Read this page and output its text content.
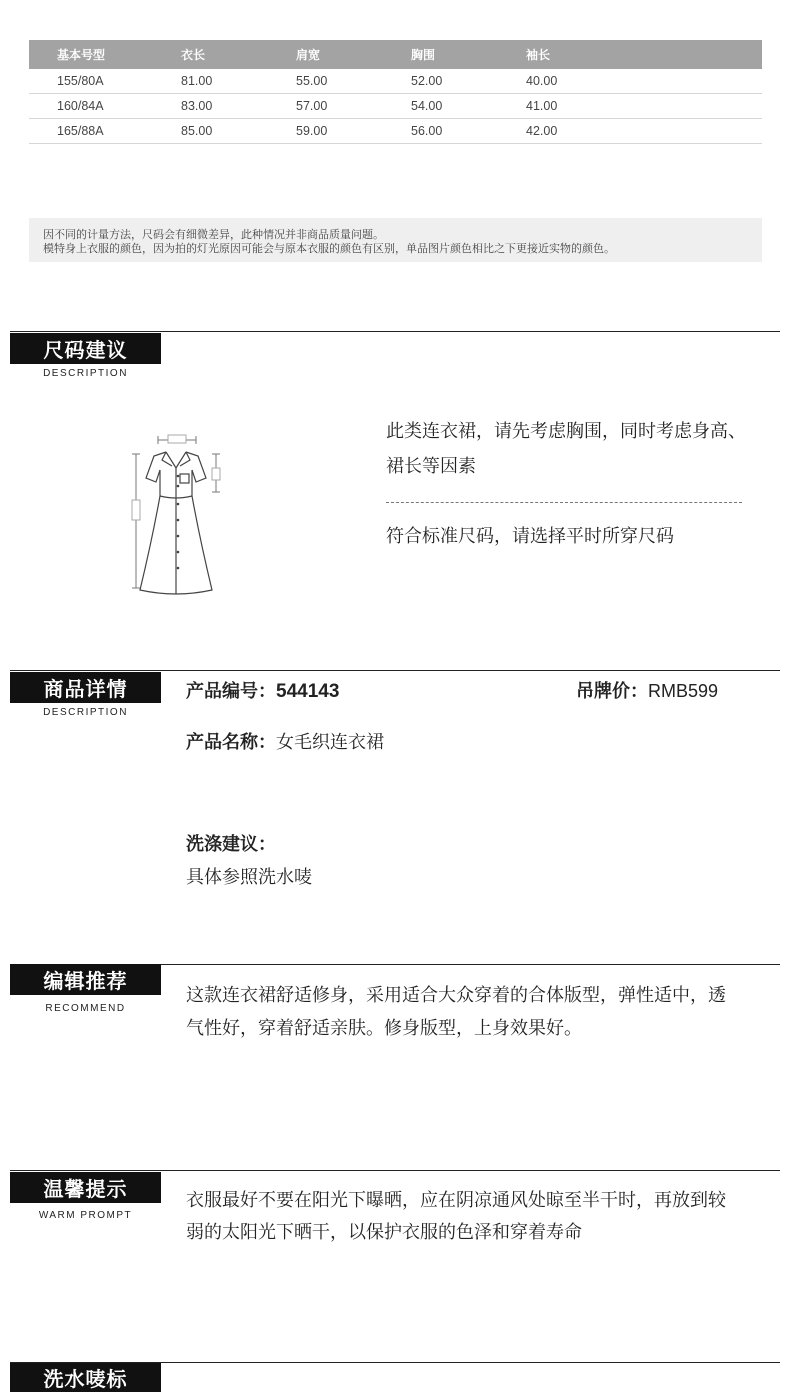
基本号型	衣长	肩宽	胸围	袖长
155/80A	81.00	55.00	52.00	40.00
160/84A	83.00	57.00	54.00	41.00
165/88A	85.00	59.00	56.00	42.00

因不同的计量方法，尺码会有细微差异，此种情况并非商品质量问题。

模特身上衣服的颜色，因为拍的灯光原因可能会与原本衣服的颜色有区别，单品图片颜色相比之下更接近实物的颜色。

尺码建议
DESCRIPTION
此类连衣裙，请先考虑胸围，同时考虑身高、
裙长等因素
符合标准尺码，请选择平时所穿尺码
商品详情
DESCRIPTION
产品编号：544143	吊牌价：RMB599
产品名称：女毛织连衣裙
洗涤建议：
具体参照洗水唛
编辑推荐
RECOMMEND
这款连衣裙舒适修身，采用适合大众穿着的合体版型，弹性适中，透
气性好，穿着舒适亲肤。修身版型，上身效果好。
温馨提示
WARM PROMPT
衣服最好不要在阳光下曝晒，应在阴凉通风处晾至半干时，再放到较
弱的太阳光下晒干，以保护衣服的色泽和穿着寿命
洗水唛标
